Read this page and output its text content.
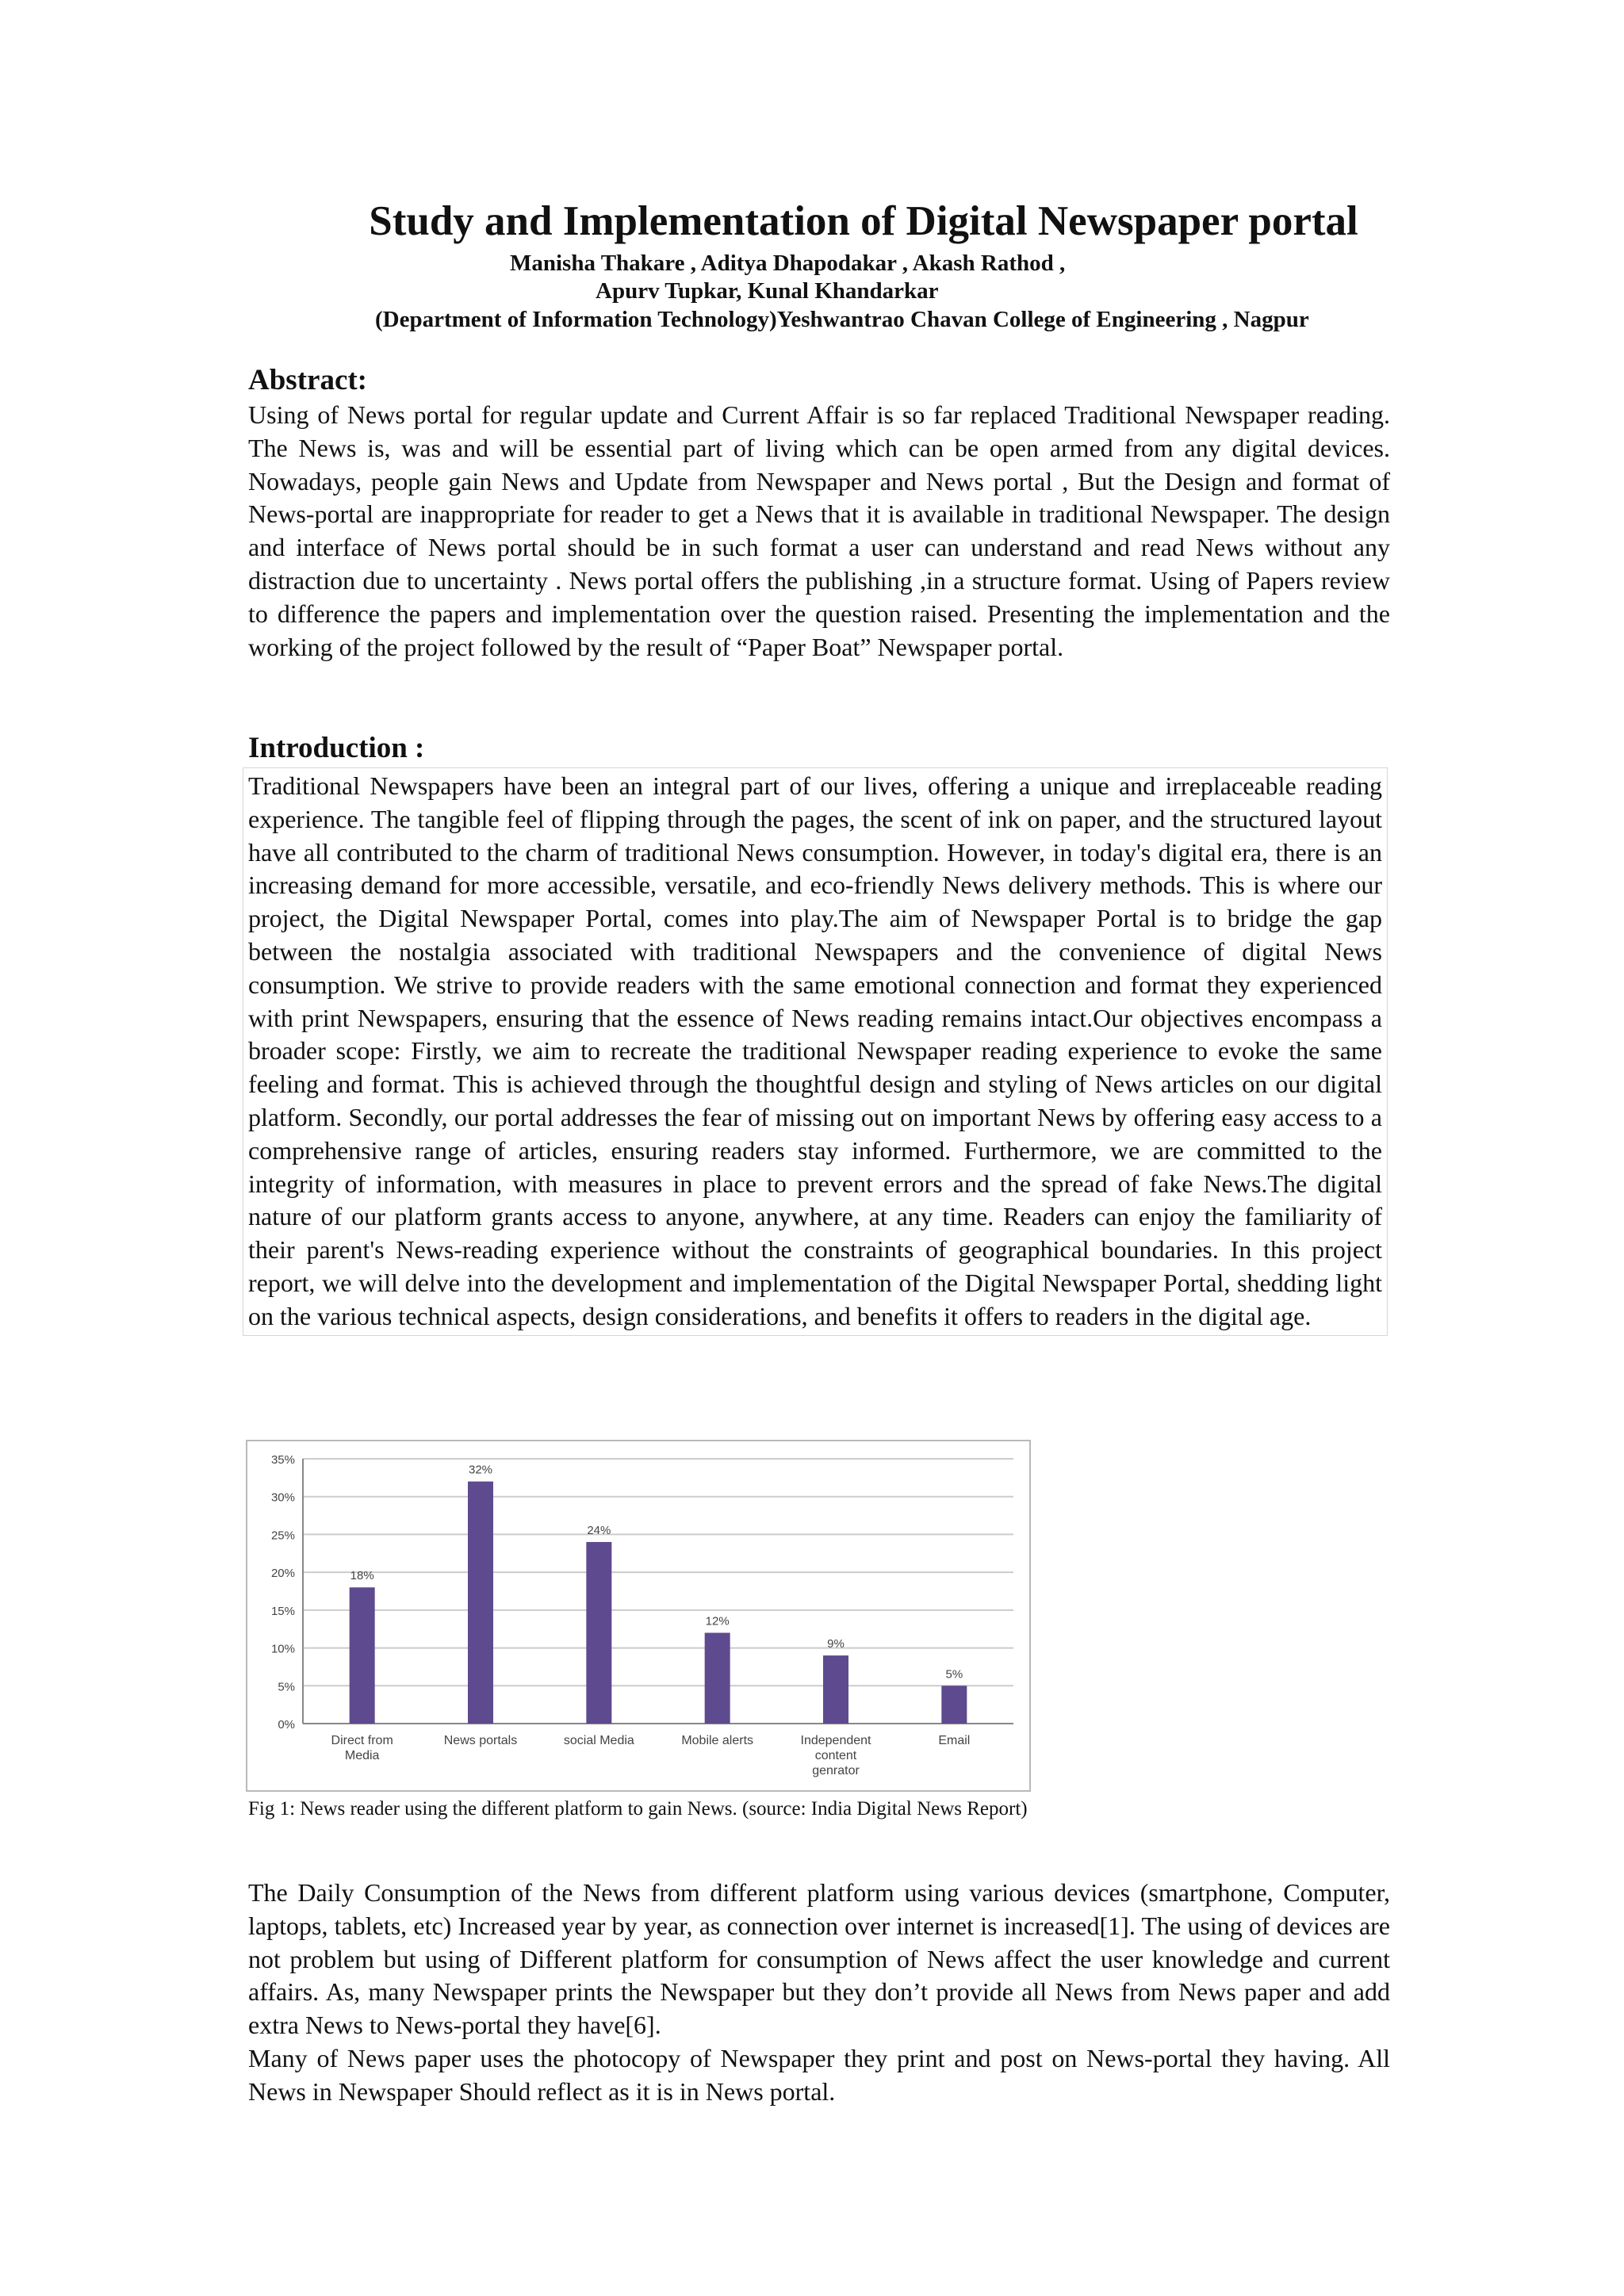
Study and Implementation of Digital Newspaper portal
Manisha Thakare , Aditya Dhapodakar , Akash Rathod ,
Apurv Tupkar, Kunal Khandarkar
(Department of Information Technology)Yeshwantrao Chavan College of Engineering , Nagpur
Abstract:

Using of News portal for regular update and Current Affair is so far replaced Traditional Newspaper reading. The News is, was and will be essential part of living which can be open armed from any digital devices. Nowadays, people gain News and Update from Newspaper and News portal , But the Design and format of News-portal are inappropriate for reader to get a News that it is available in traditional Newspaper. The design and interface of News portal should be in such format a user can understand and read News without any distraction due to uncertainty . News portal offers the publishing ,in a structure format. Using of Papers review to difference the papers and implementation over the question raised. Presenting the implementation and the working of the project followed by the result of “Paper Boat” Newspaper portal.

Introduction :

Traditional Newspapers have been an integral part of our lives, offering a unique and irreplaceable reading experience. The tangible feel of flipping through the pages, the scent of ink on paper, and the structured layout have all contributed to the charm of traditional News consumption. However, in today's digital era, there is an increasing demand for more accessible, versatile, and eco-friendly News delivery methods. This is where our project, the Digital Newspaper Portal, comes into play.The aim of Newspaper Portal is to bridge the gap between the nostalgia associated with traditional Newspapers and the convenience of digital News consumption. We strive to provide readers with the same emotional connection and format they experienced with print Newspapers, ensuring that the essence of News reading remains intact.Our objectives encompass a broader scope: Firstly, we aim to recreate the traditional Newspaper reading experience to evoke the same feeling and format. This is achieved through the thoughtful design and styling of News articles on our digital platform. Secondly, our portal addresses the fear of missing out on important News by offering easy access to a comprehensive range of articles, ensuring readers stay informed. Furthermore, we are committed to the integrity of information, with measures in place to prevent errors and the spread of fake News.The digital nature of our platform grants access to anyone, anywhere, at any time. Readers can enjoy the familiarity of their parent's News-reading experience without the constraints of geographical boundaries. In this project report, we will delve into the development and implementation of the Digital Newspaper Portal, shedding light on the various technical aspects, design considerations, and benefits it offers to readers in the digital age.

0%
5%
10%
15%
20%
25%
30%
35%
18%
Direct from
Media
32%
News portals
24%
social Media
12%
Mobile alerts
9%
Independent
content
genrator
5%
Email

Fig 1: News reader using the different platform to gain News. (source: India Digital News Report)

The Daily Consumption of the News from different platform using various devices (smartphone, Computer, laptops, tablets, etc) Increased year by year, as connection over internet is increased[1]. The using of devices are not problem but using of Different platform for consumption of News affect the user knowledge and current affairs. As, many Newspaper prints the Newspaper but they don’t provide all News from News paper and add extra News to News-portal they have[6].

Many of News paper uses the photocopy of Newspaper they print and post on News-portal they having. All News in Newspaper Should reflect as it is in News portal.
